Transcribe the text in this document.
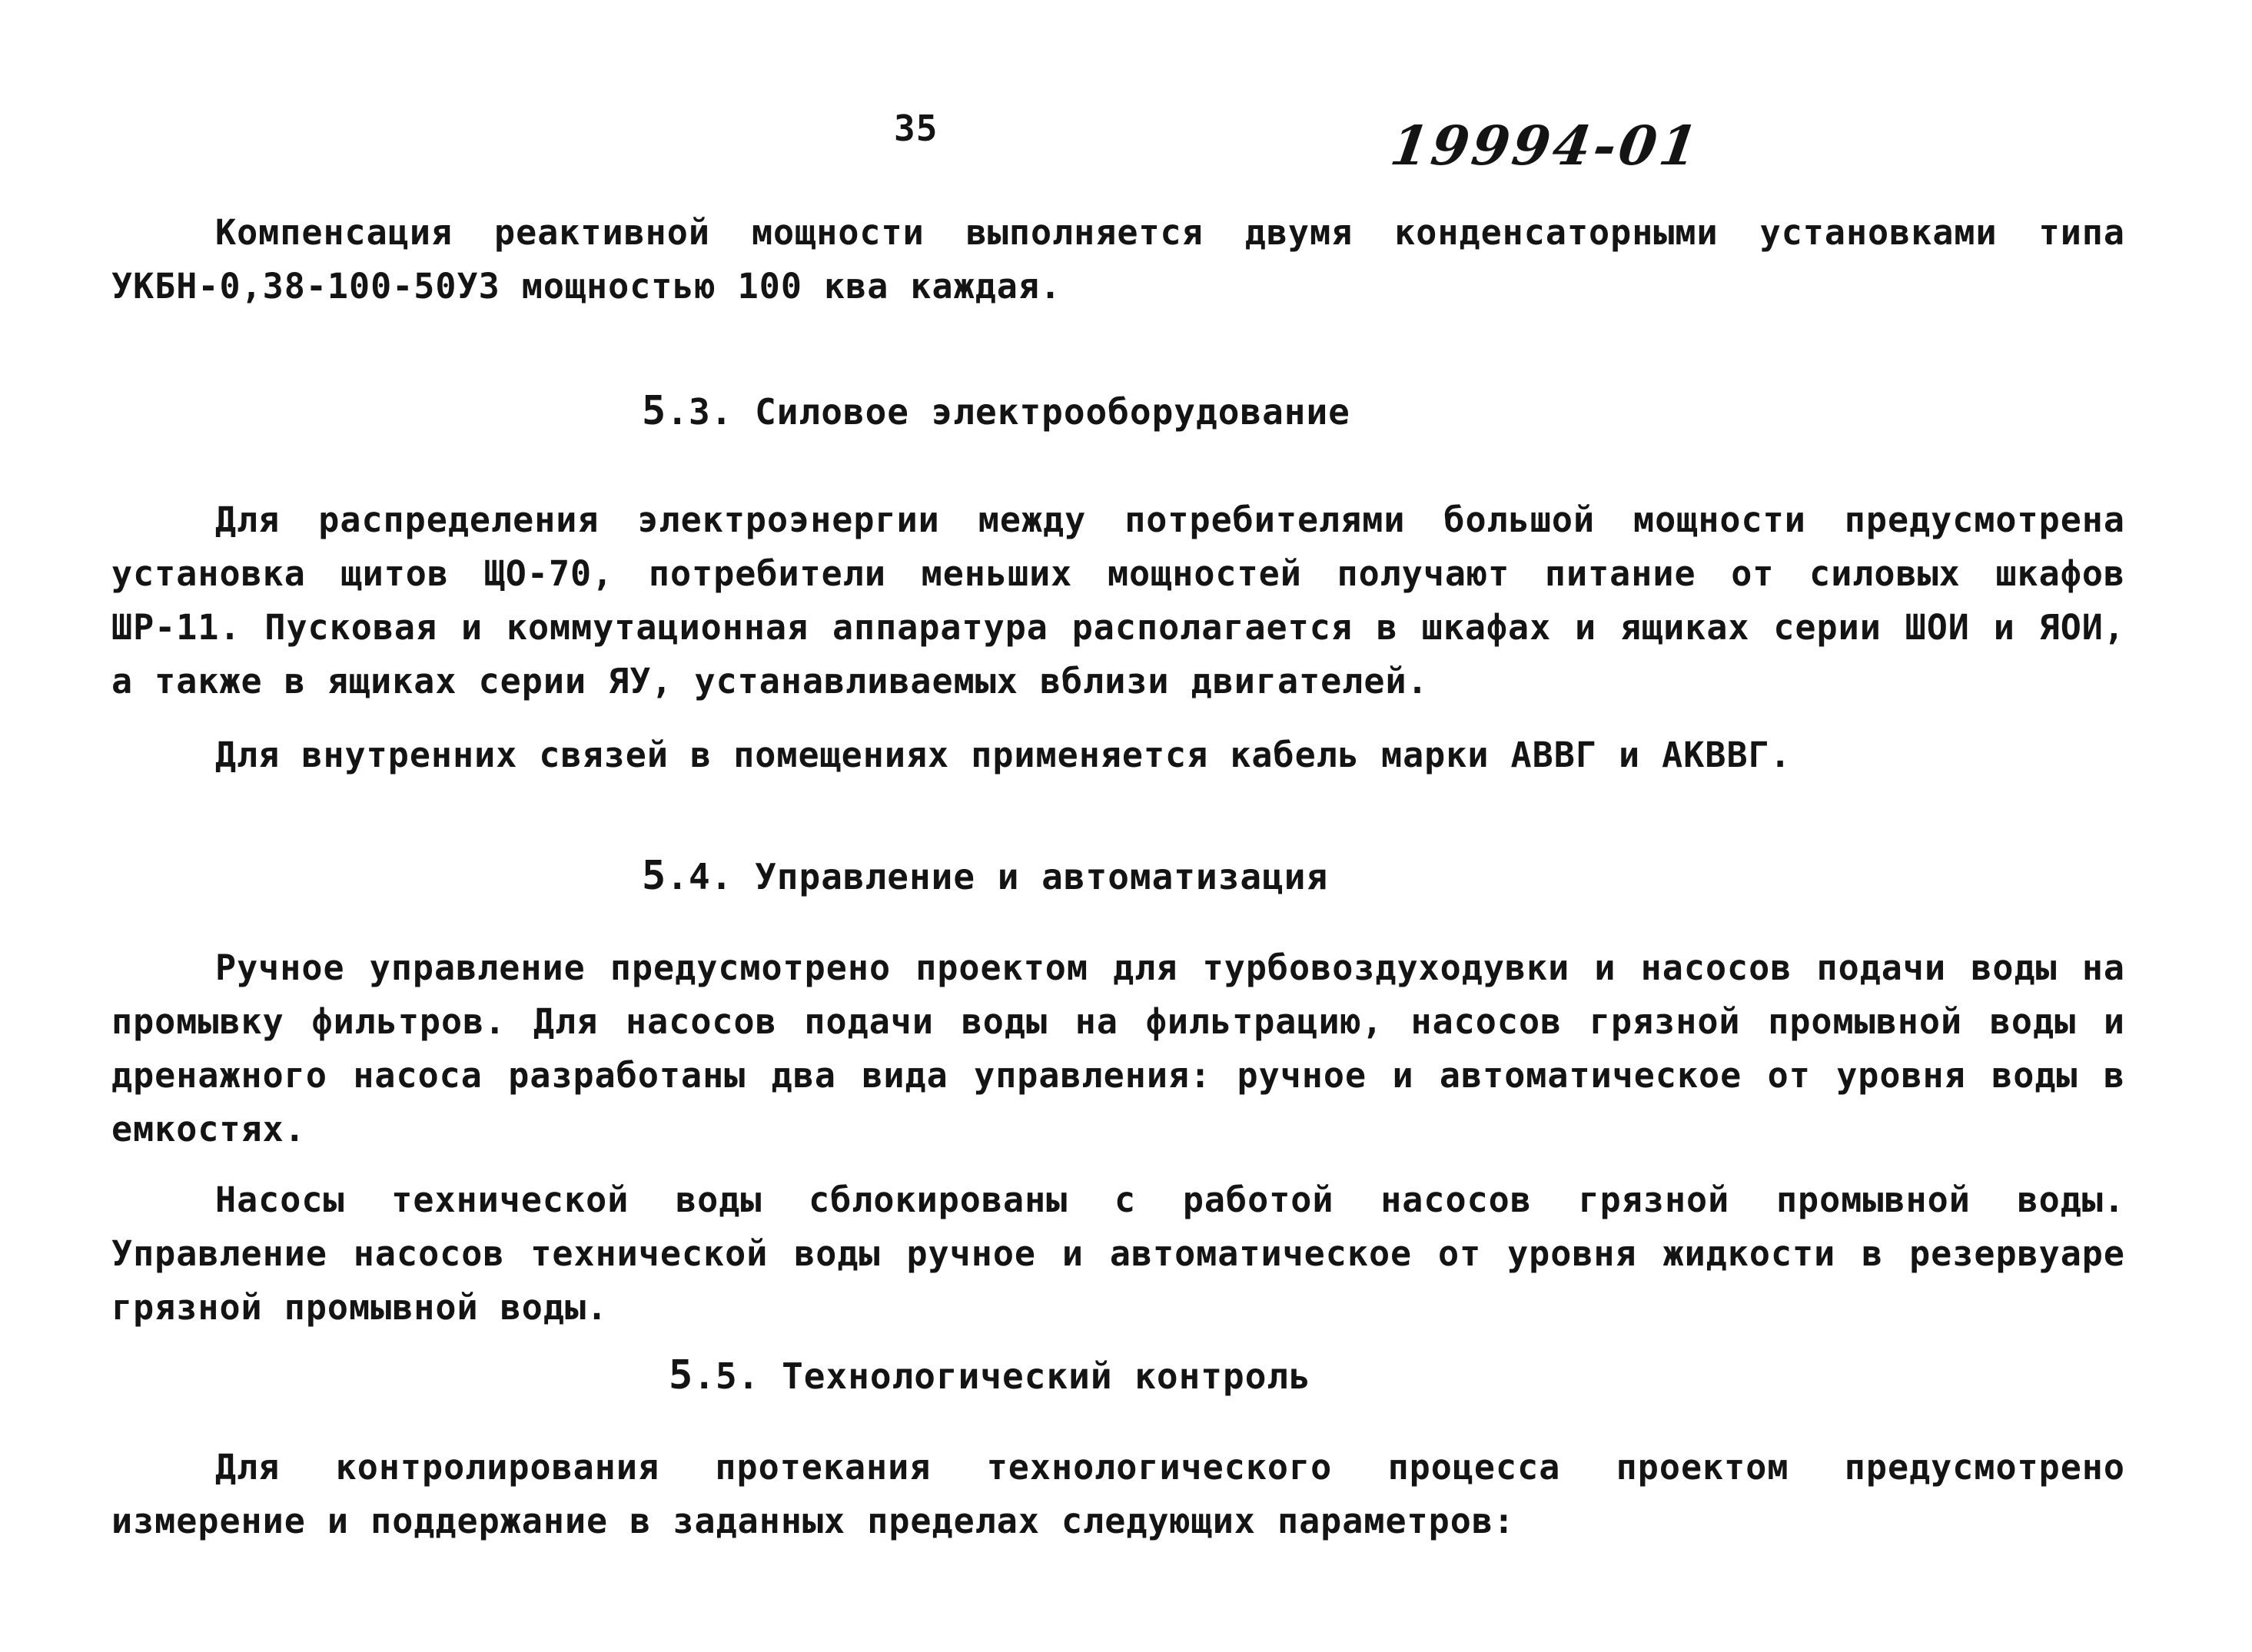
35	19994-01

Компенсация реактивной мощности выполняется двумя конденсаторными установками типа УКБН-0,38-100-50УЗ мощностью 100 ква каждая.

5.3. Силовое электрооборудование

Для распределения электроэнергии между потребителями большой мощности предусмотрена установка щитов ЩО-70, потребители меньших мощностей получают питание от силовых шкафов ШР-11. Пусковая и коммутационная аппаратура располагается в шкафах и ящиках серии ШОИ и ЯОИ, а также в ящиках серии ЯУ, устанавливаемых вблизи двигателей.

Для внутренних связей в помещениях применяется кабель марки АВВГ и АКВВГ.

5.4. Управление и автоматизация

Ручное управление предусмотрено проектом для турбовоздуходувки и насосов подачи воды на промывку фильтров. Для насосов подачи воды на фильтрацию, насосов грязной промывной воды и дренажного насоса разработаны два вида управления: ручное и автоматическое от уровня воды в емкостях.

Насосы технической воды сблокированы с работой насосов грязной промывной воды. Управление насосов технической воды ручное и автоматическое от уровня жидкости в резервуаре грязной промывной воды.

5.5. Технологический контроль

Для контролирования протекания технологического процесса проектом предусмотрено измерение и поддержание в заданных пределах следующих параметров:
